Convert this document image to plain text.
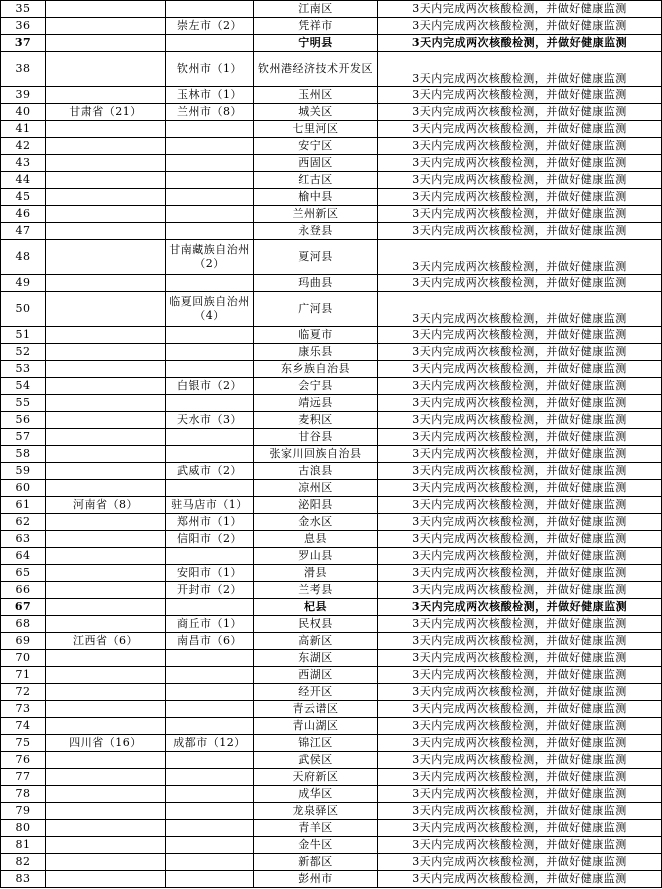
35			江南区	3天内完成两次核酸检测，并做好健康监测
36		崇左市（2）	凭祥市	3天内完成两次核酸检测，并做好健康监测
37			宁明县	3天内完成两次核酸检测，并做好健康监测
38		钦州市（1）	钦州港经济技术开发区	3天内完成两次核酸检测，并做好健康监测
39		玉林市（1）	玉州区	3天内完成两次核酸检测，并做好健康监测
40	甘肃省（21）	兰州市（8）	城关区	3天内完成两次核酸检测，并做好健康监测
41			七里河区	3天内完成两次核酸检测，并做好健康监测
42			安宁区	3天内完成两次核酸检测，并做好健康监测
43			西固区	3天内完成两次核酸检测，并做好健康监测
44			红古区	3天内完成两次核酸检测，并做好健康监测
45			榆中县	3天内完成两次核酸检测，并做好健康监测
46			兰州新区	3天内完成两次核酸检测，并做好健康监测
47			永登县	3天内完成两次核酸检测，并做好健康监测
48		甘南藏族自治州（2）	夏河县	3天内完成两次核酸检测，并做好健康监测
49			玛曲县	3天内完成两次核酸检测，并做好健康监测
50		临夏回族自治州（4）	广河县	3天内完成两次核酸检测，并做好健康监测
51			临夏市	3天内完成两次核酸检测，并做好健康监测
52			康乐县	3天内完成两次核酸检测，并做好健康监测
53			东乡族自治县	3天内完成两次核酸检测，并做好健康监测
54		白银市（2）	会宁县	3天内完成两次核酸检测，并做好健康监测
55			靖远县	3天内完成两次核酸检测，并做好健康监测
56		天水市（3）	麦积区	3天内完成两次核酸检测，并做好健康监测
57			甘谷县	3天内完成两次核酸检测，并做好健康监测
58			张家川回族自治县	3天内完成两次核酸检测，并做好健康监测
59		武威市（2）	古浪县	3天内完成两次核酸检测，并做好健康监测
60			凉州区	3天内完成两次核酸检测，并做好健康监测
61	河南省（8）	驻马店市（1）	泌阳县	3天内完成两次核酸检测，并做好健康监测
62		郑州市（1）	金水区	3天内完成两次核酸检测，并做好健康监测
63		信阳市（2）	息县	3天内完成两次核酸检测，并做好健康监测
64			罗山县	3天内完成两次核酸检测，并做好健康监测
65		安阳市（1）	滑县	3天内完成两次核酸检测，并做好健康监测
66		开封市（2）	兰考县	3天内完成两次核酸检测，并做好健康监测
67			杞县	3天内完成两次核酸检测，并做好健康监测
68		商丘市（1）	民权县	3天内完成两次核酸检测，并做好健康监测
69	江西省（6）	南昌市（6）	高新区	3天内完成两次核酸检测，并做好健康监测
70			东湖区	3天内完成两次核酸检测，并做好健康监测
71			西湖区	3天内完成两次核酸检测，并做好健康监测
72			经开区	3天内完成两次核酸检测，并做好健康监测
73			青云谱区	3天内完成两次核酸检测，并做好健康监测
74			青山湖区	3天内完成两次核酸检测，并做好健康监测
75	四川省（16）	成都市（12）	锦江区	3天内完成两次核酸检测，并做好健康监测
76			武侯区	3天内完成两次核酸检测，并做好健康监测
77			天府新区	3天内完成两次核酸检测，并做好健康监测
78			成华区	3天内完成两次核酸检测，并做好健康监测
79			龙泉驿区	3天内完成两次核酸检测，并做好健康监测
80			青羊区	3天内完成两次核酸检测，并做好健康监测
81			金牛区	3天内完成两次核酸检测，并做好健康监测
82			新都区	3天内完成两次核酸检测，并做好健康监测
83			彭州市	3天内完成两次核酸检测，并做好健康监测
